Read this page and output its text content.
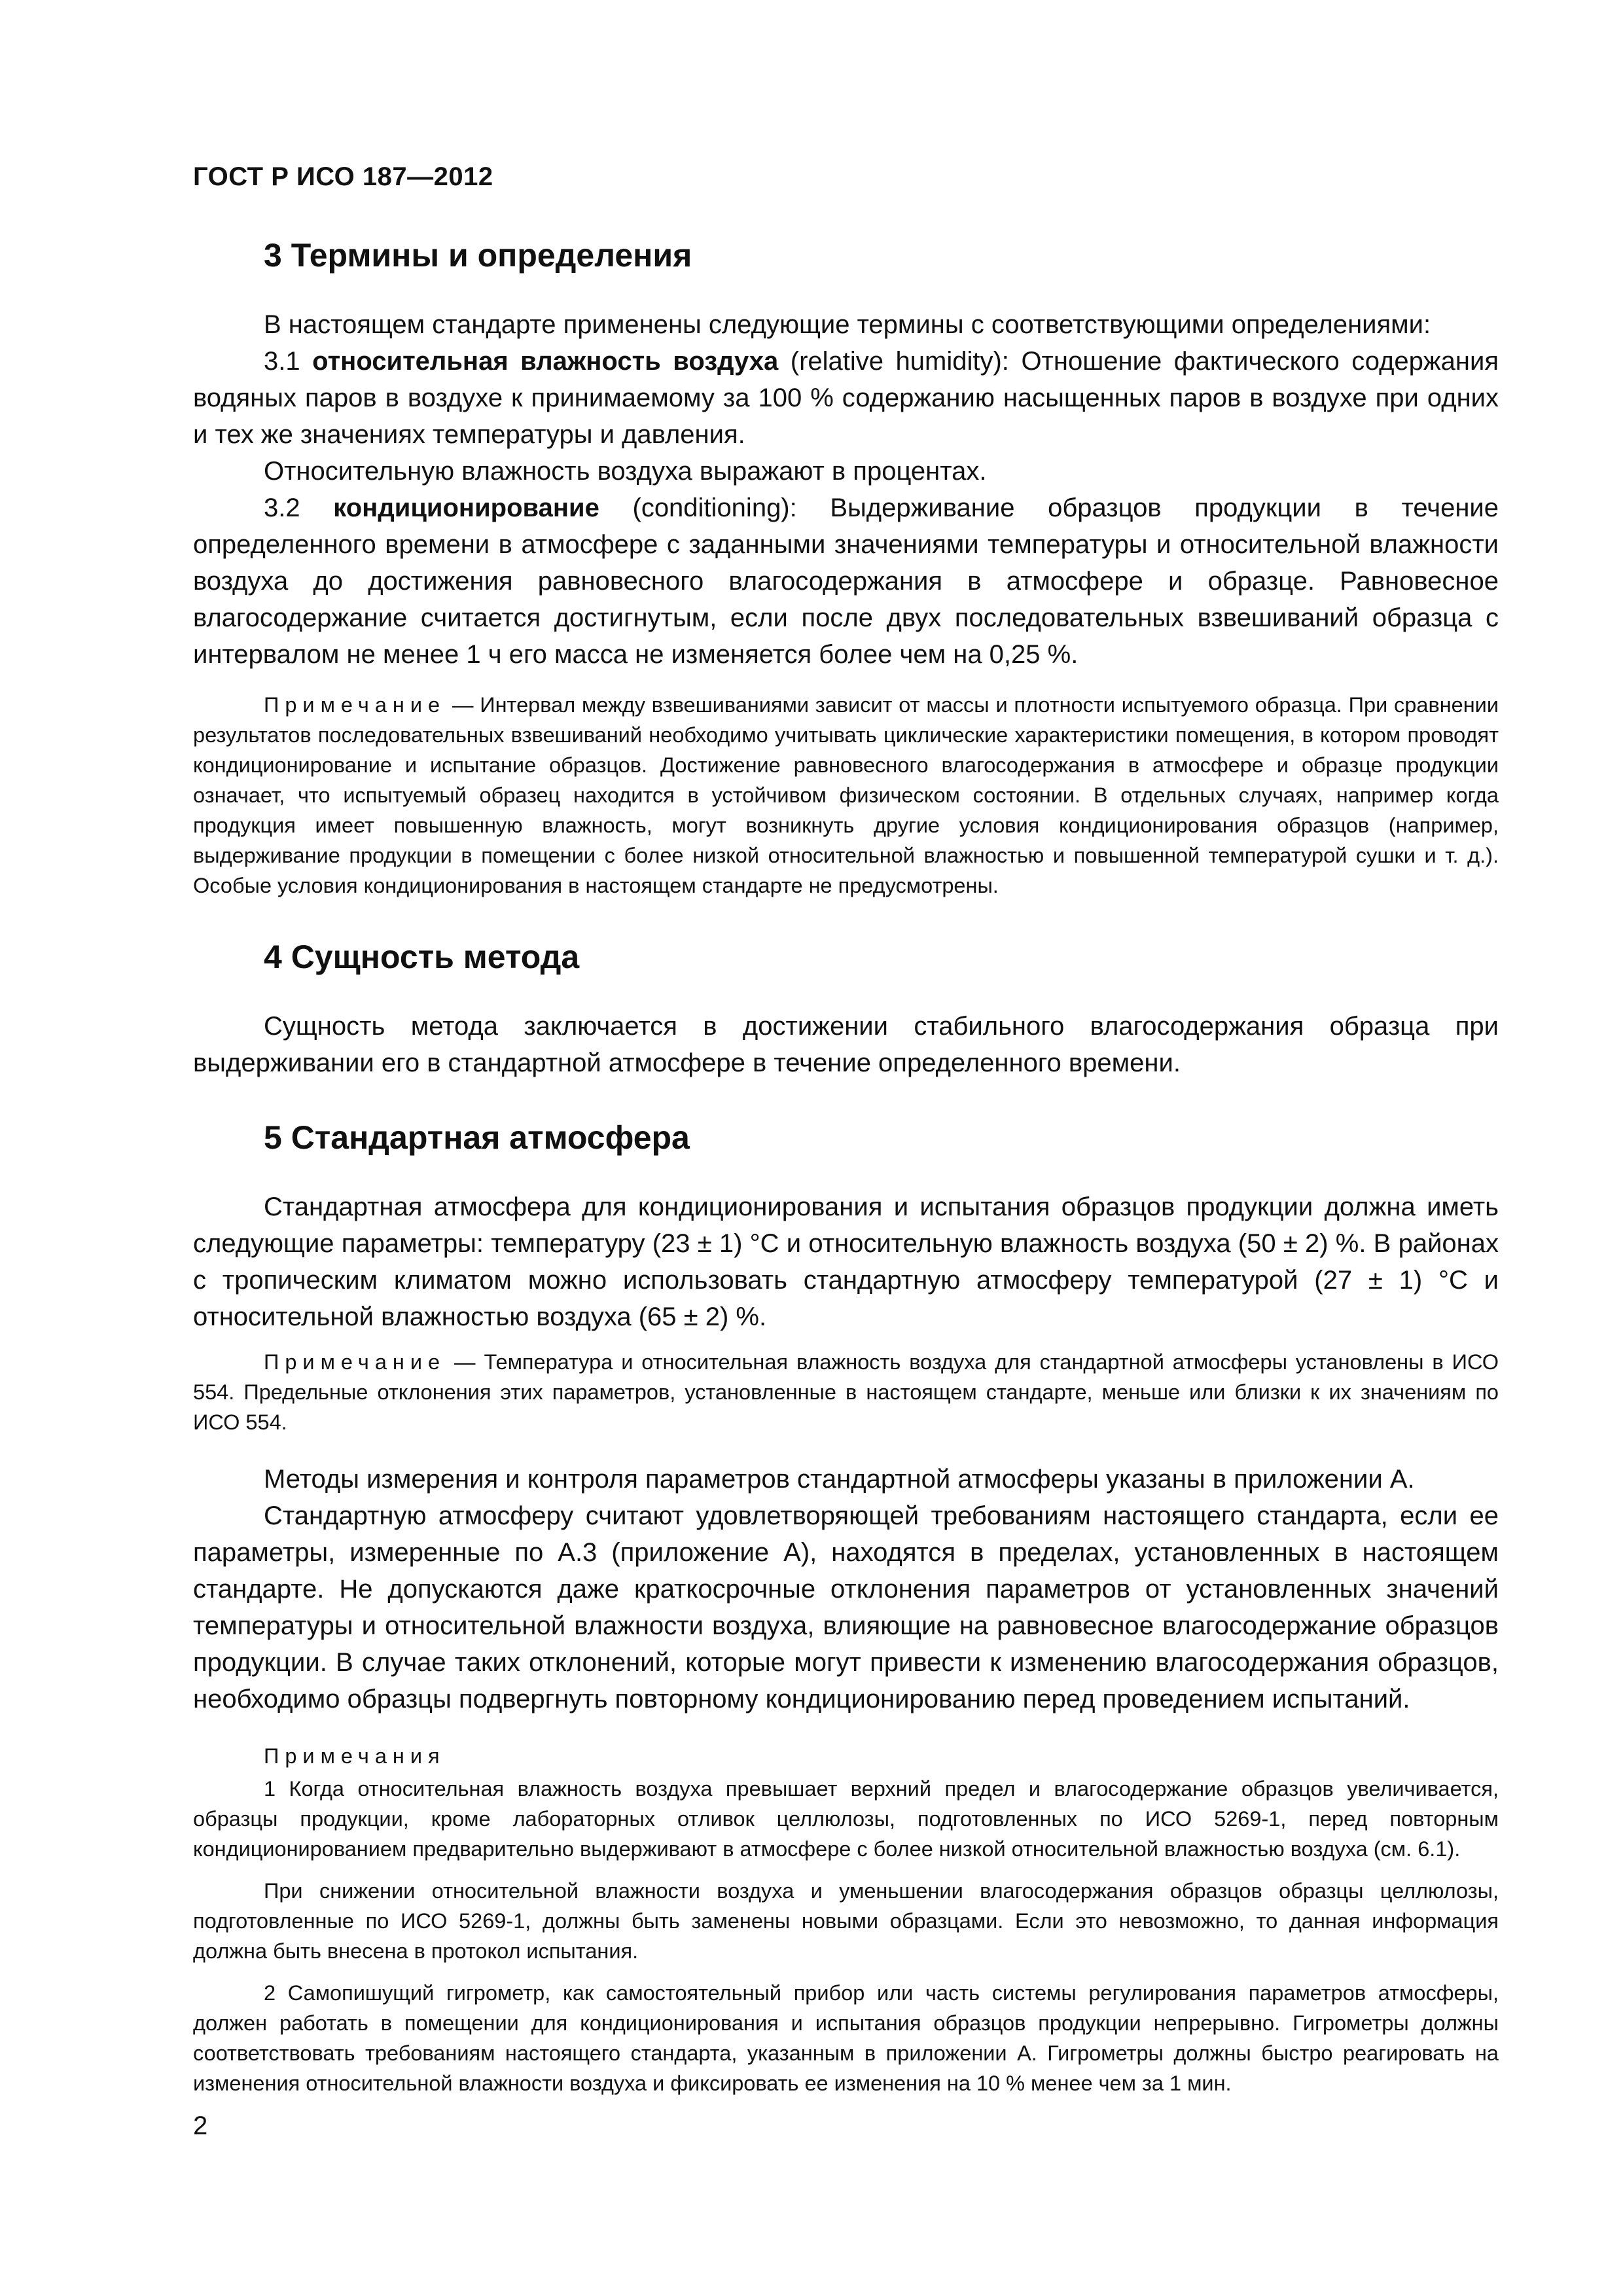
ГОСТ Р ИСО 187—2012
3 Термины и определения

В настоящем стандарте применены следующие термины с соответствующими определениями:

3.1 относительная влажность воздуха (relative humidity): Отношение фактического содержания водяных паров в воздухе к принимаемому за 100 % содержанию насыщенных паров в воздухе при одних и тех же значениях температуры и давления.

Относительную влажность воздуха выражают в процентах.

3.2 кондиционирование (conditioning): Выдерживание образцов продукции в течение определенного времени в атмосфере с заданными значениями температуры и относительной влажности воздуха до достижения равновесного влагосодержания в атмосфере и образце. Равновесное влагосодержание считается достигнутым, если после двух последовательных взвешиваний образца с интервалом не менее 1 ч его масса не изменяется более чем на 0,25 %.

Примечание — Интервал между взвешиваниями зависит от массы и плотности испытуемого образца. При сравнении результатов последовательных взвешиваний необходимо учитывать циклические характеристики помещения, в котором проводят кондиционирование и испытание образцов. Достижение равновесного влагосодержания в атмосфере и образце продукции означает, что испытуемый образец находится в устойчивом физическом состоянии. В отдельных случаях, например когда продукция имеет повышенную влажность, могут возникнуть другие условия кондиционирования образцов (например, выдерживание продукции в помещении с более низкой относительной влажностью и повышенной температурой сушки и т. д.). Особые условия кондиционирования в настоящем стандарте не предусмотрены.

4 Сущность метода

Сущность метода заключается в достижении стабильного влагосодержания образца при выдерживании его в стандартной атмосфере в течение определенного времени.

5 Стандартная атмосфера

Стандартная атмосфера для кондиционирования и испытания образцов продукции должна иметь следующие параметры: температуру (23 ± 1) °С и относительную влажность воздуха (50 ± 2) %. В районах с тропическим климатом можно использовать стандартную атмосферу температурой (27 ± 1) °С и относительной влажностью воздуха (65 ± 2) %.

Примечание — Температура и относительная влажность воздуха для стандартной атмосферы установлены в ИСО 554. Предельные отклонения этих параметров, установленные в настоящем стандарте, меньше или близки к их значениям по ИСО 554.

Методы измерения и контроля параметров стандартной атмосферы указаны в приложении А.

Стандартную атмосферу считают удовлетворяющей требованиям настоящего стандарта, если ее параметры, измеренные по А.3 (приложение А), находятся в пределах, установленных в настоящем стандарте. Не допускаются даже краткосрочные отклонения параметров от установленных значений температуры и относительной влажности воздуха, влияющие на равновесное влагосодержание образцов продукции. В случае таких отклонений, которые могут привести к изменению влагосодержания образцов, необходимо образцы подвергнуть повторному кондиционированию перед проведением испытаний.

Примечания

1 Когда относительная влажность воздуха превышает верхний предел и влагосодержание образцов увеличивается, образцы продукции, кроме лабораторных отливок целлюлозы, подготовленных по ИСО 5269-1, перед повторным кондиционированием предварительно выдерживают в атмосфере с более низкой относительной влажностью воздуха (см. 6.1).

При снижении относительной влажности воздуха и уменьшении влагосодержания образцов образцы целлюлозы, подготовленные по ИСО 5269-1, должны быть заменены новыми образцами. Если это невозможно, то данная информация должна быть внесена в протокол испытания.

2 Самопишущий гигрометр, как самостоятельный прибор или часть системы регулирования параметров атмосферы, должен работать в помещении для кондиционирования и испытания образцов продукции непрерывно. Гигрометры должны соответствовать требованиям настоящего стандарта, указанным в приложении А. Гигрометры должны быстро реагировать на изменения относительной влажности воздуха и фиксировать ее изменения на 10 % менее чем за 1 мин.

2
